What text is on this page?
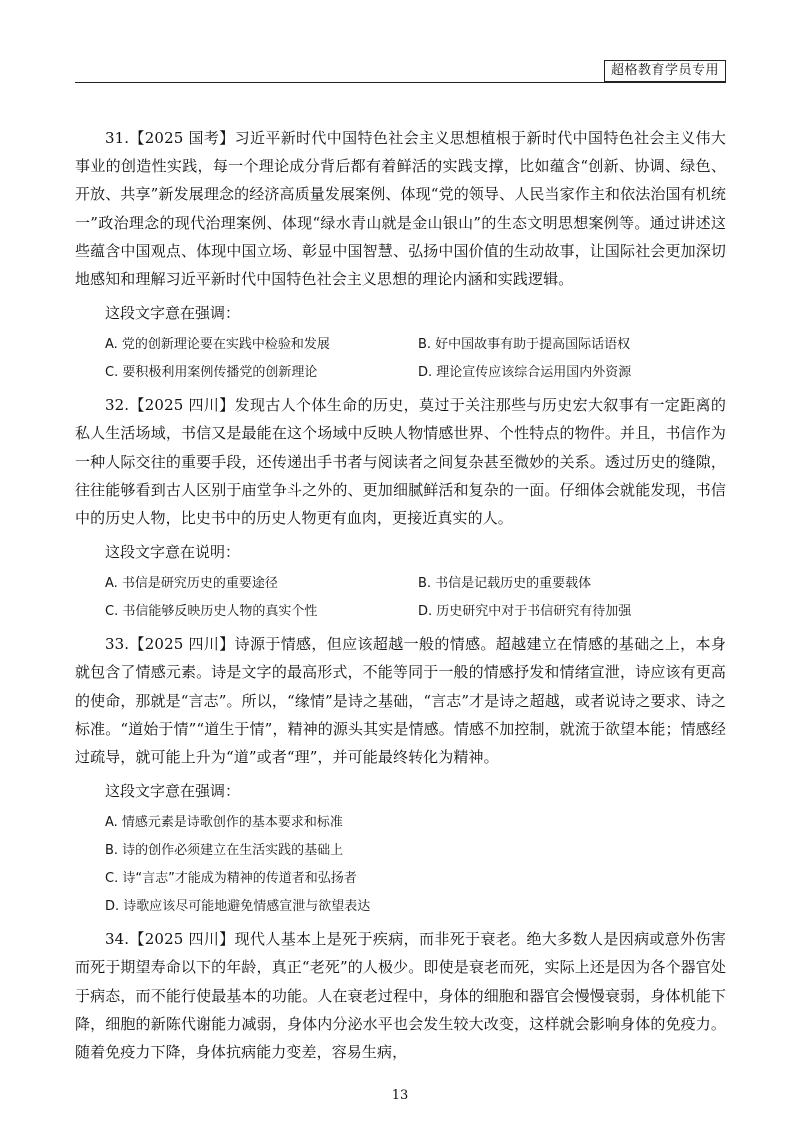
超格教育学员专用

31.【2025 国考】习近平新时代中国特色社会主义思想植根于新时代中国特色社会主义伟大事业的创造性实践，每一个理论成分背后都有着鲜活的实践支撑，比如蕴含“创新、协调、绿色、开放、共享”新发展理念的经济高质量发展案例、体现“党的领导、人民当家作主和依法治国有机统一”政治理念的现代治理案例、体现“绿水青山就是金山银山”的生态文明思想案例等。通过讲述这些蕴含中国观点、体现中国立场、彰显中国智慧、弘扬中国价值的生动故事，让国际社会更加深切地感知和理解习近平新时代中国特色社会主义思想的理论内涵和实践逻辑。

这段文字意在强调：

A. 党的创新理论要在实践中检验和发展	B. 好中国故事有助于提高国际话语权
C. 要积极利用案例传播党的创新理论	D. 理论宣传应该综合运用国内外资源

32.【2025 四川】发现古人个体生命的历史，莫过于关注那些与历史宏大叙事有一定距离的私人生活场域，书信又是最能在这个场域中反映人物情感世界、个性特点的物件。并且，书信作为一种人际交往的重要手段，还传递出手书者与阅读者之间复杂甚至微妙的关系。透过历史的缝隙，往往能够看到古人区别于庙堂争斗之外的、更加细腻鲜活和复杂的一面。仔细体会就能发现，书信中的历史人物，比史书中的历史人物更有血肉，更接近真实的人。

这段文字意在说明：

A. 书信是研究历史的重要途径	B. 书信是记载历史的重要载体
C. 书信能够反映历史人物的真实个性	D. 历史研究中对于书信研究有待加强

33.【2025 四川】诗源于情感，但应该超越一般的情感。超越建立在情感的基础之上，本身就包含了情感元素。诗是文字的最高形式，不能等同于一般的情感抒发和情绪宣泄，诗应该有更高的使命，那就是“言志”。所以，“缘情”是诗之基础，“言志”才是诗之超越，或者说诗之要求、诗之标准。“道始于情”“道生于情”，精神的源头其实是情感。情感不加控制，就流于欲望本能；情感经过疏导，就可能上升为“道”或者“理”，并可能最终转化为精神。

这段文字意在强调：

A. 情感元素是诗歌创作的基本要求和标准
B. 诗的创作必须建立在生活实践的基础上
C. 诗“言志”才能成为精神的传道者和弘扬者
D. 诗歌应该尽可能地避免情感宣泄与欲望表达

34.【2025 四川】现代人基本上是死于疾病，而非死于衰老。绝大多数人是因病或意外伤害而死于期望寿命以下的年龄，真正“老死”的人极少。即使是衰老而死，实际上还是因为各个器官处于病态，而不能行使最基本的功能。人在衰老过程中，身体的细胞和器官会慢慢衰弱，身体机能下降，细胞的新陈代谢能力减弱，身体内分泌水平也会发生较大改变，这样就会影响身体的免疫力。随着免疫力下降，身体抗病能力变差，容易生病，

13
